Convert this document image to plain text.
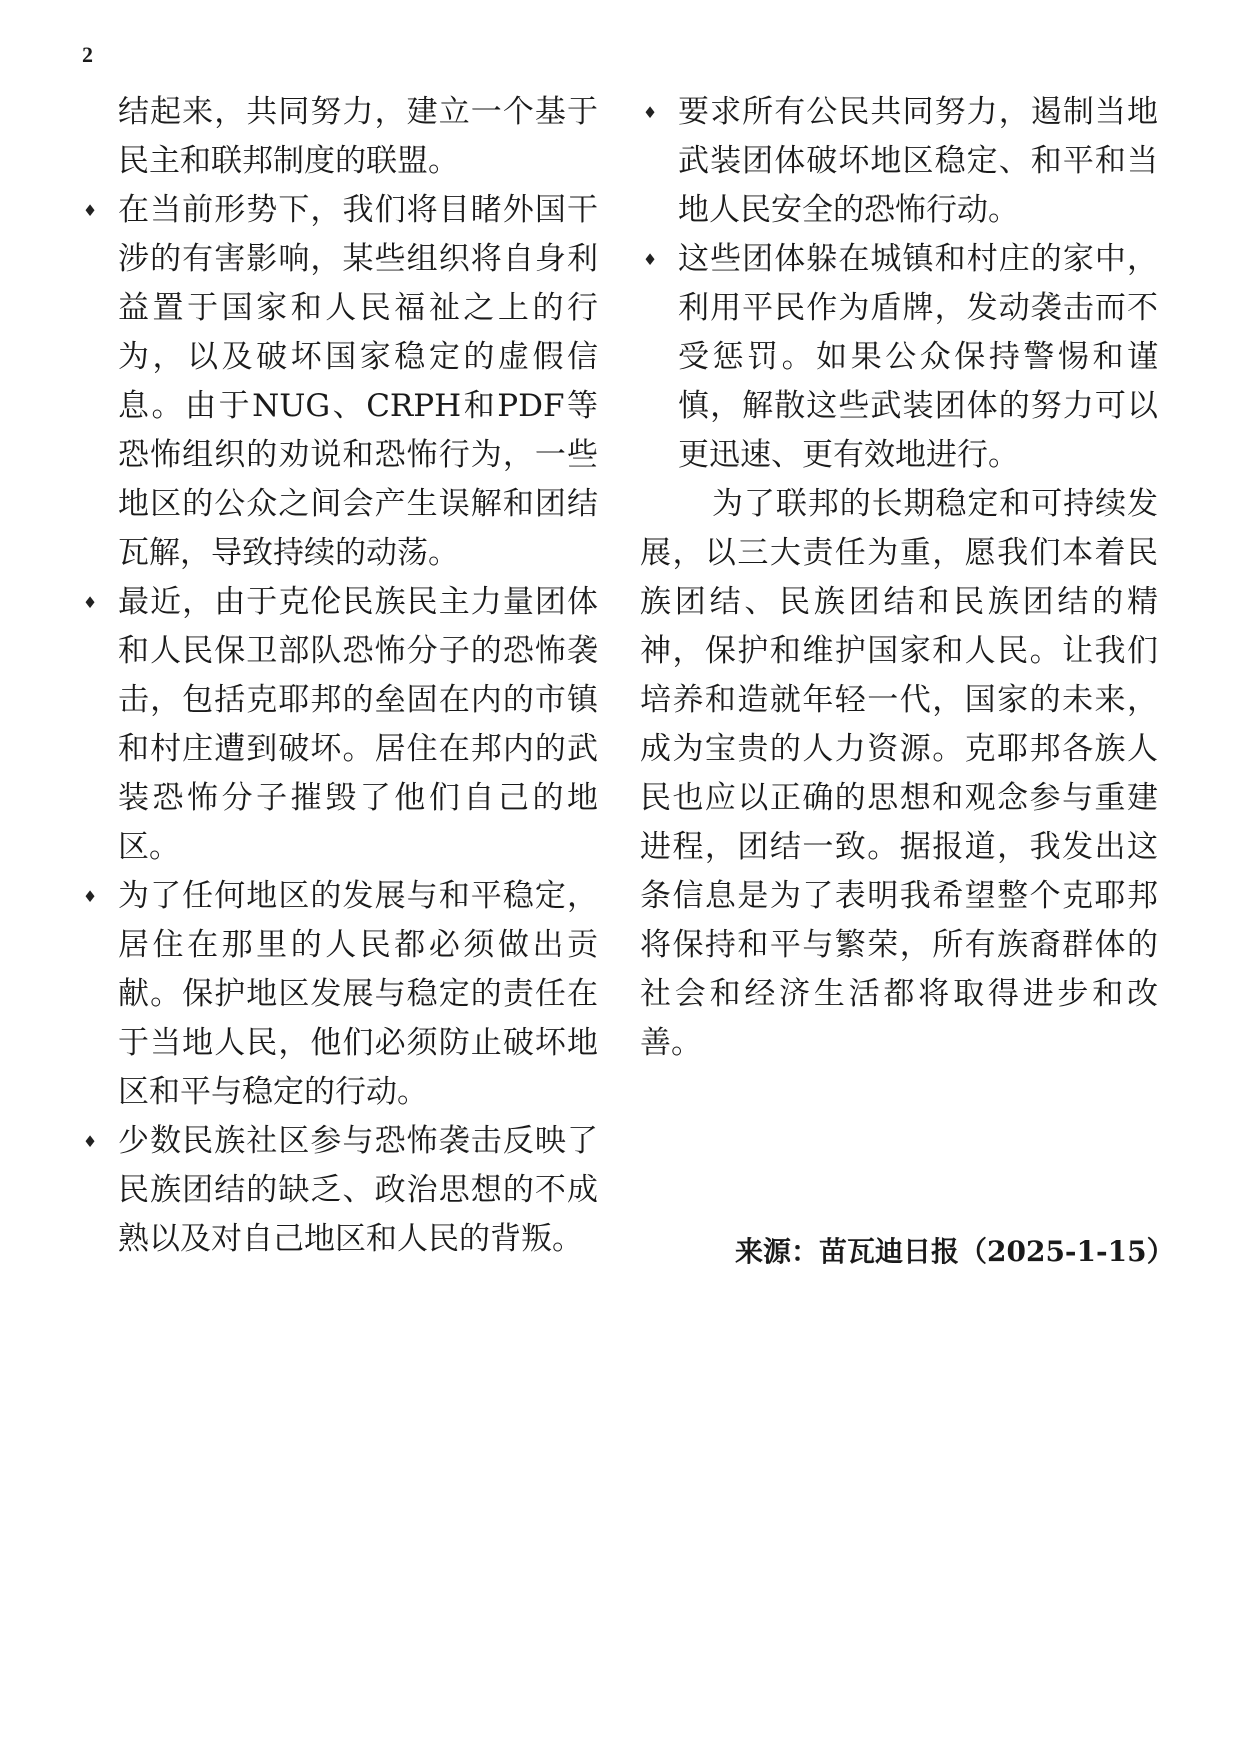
2

结起来，共同努力，建立一个基于民主和联邦制度的联盟。

♦ 在当前形势下，我们将目睹外国干涉的有害影响，某些组织将自身利益置于国家和人民福祉之上的行为，以及破坏国家稳定的虚假信息。由于NUG、CRPH和PDF等恐怖组织的劝说和恐怖行为，一些地区的公众之间会产生误解和团结瓦解，导致持续的动荡。
♦ 最近，由于克伦民族民主力量团体和人民保卫部队恐怖分子的恐怖袭击，包括克耶邦的垒固在内的市镇和村庄遭到破坏。居住在邦内的武装恐怖分子摧毁了他们自己的地区。
♦ 为了任何地区的发展与和平稳定，居住在那里的人民都必须做出贡献。保护地区发展与稳定的责任在于当地人民，他们必须防止破坏地区和平与稳定的行动。
♦ 少数民族社区参与恐怖袭击反映了民族团结的缺乏、政治思想的不成熟以及对自己地区和人民的背叛。
♦ 要求所有公民共同努力，遏制当地武装团体破坏地区稳定、和平和当地人民安全的恐怖行动。
♦ 这些团体躲在城镇和村庄的家中，利用平民作为盾牌，发动袭击而不受惩罚。如果公众保持警惕和谨慎，解散这些武装团体的努力可以更迅速、更有效地进行。

为了联邦的长期稳定和可持续发展，以三大责任为重，愿我们本着民族团结、民族团结和民族团结的精神，保护和维护国家和人民。让我们培养和造就年轻一代，国家的未来，成为宝贵的人力资源。克耶邦各族人民也应以正确的思想和观念参与重建进程，团结一致。据报道，我发出这条信息是为了表明我希望整个克耶邦将保持和平与繁荣，所有族裔群体的社会和经济生活都将取得进步和改善。

来源：苗瓦迪日报（2025-1-15）
